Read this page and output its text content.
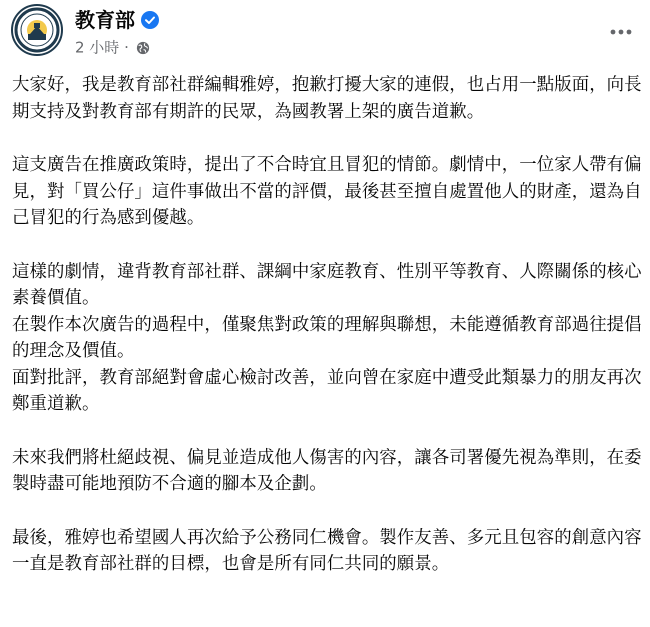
教育部
2 小時 ·

大家好，我是教育部社群編輯雅婷，抱歉打擾大家的連假，也占用一點版面，向長期支持及對教育部有期許的民眾，為國教署上架的廣告道歉。

這支廣告在推廣政策時，提出了不合時宜且冒犯的情節。劇情中，一位家人帶有偏見，對「買公仔」這件事做出不當的評價，最後甚至擅自處置他人的財產，還為自己冒犯的行為感到優越。

這樣的劇情，違背教育部社群、課綱中家庭教育、性別平等教育、人際關係的核心素養價值。

在製作本次廣告的過程中，僅聚焦對政策的理解與聯想，未能遵循教育部過往提倡的理念及價值。

面對批評，教育部絕對會虛心檢討改善，並向曾在家庭中遭受此類暴力的朋友再次鄭重道歉。

未來我們將杜絕歧視、偏見並造成他人傷害的內容，讓各司署優先視為準則，在委製時盡可能地預防不合適的腳本及企劃。

最後，雅婷也希望國人再次給予公務同仁機會。製作友善、多元且包容的創意內容一直是教育部社群的目標，也會是所有同仁共同的願景。
